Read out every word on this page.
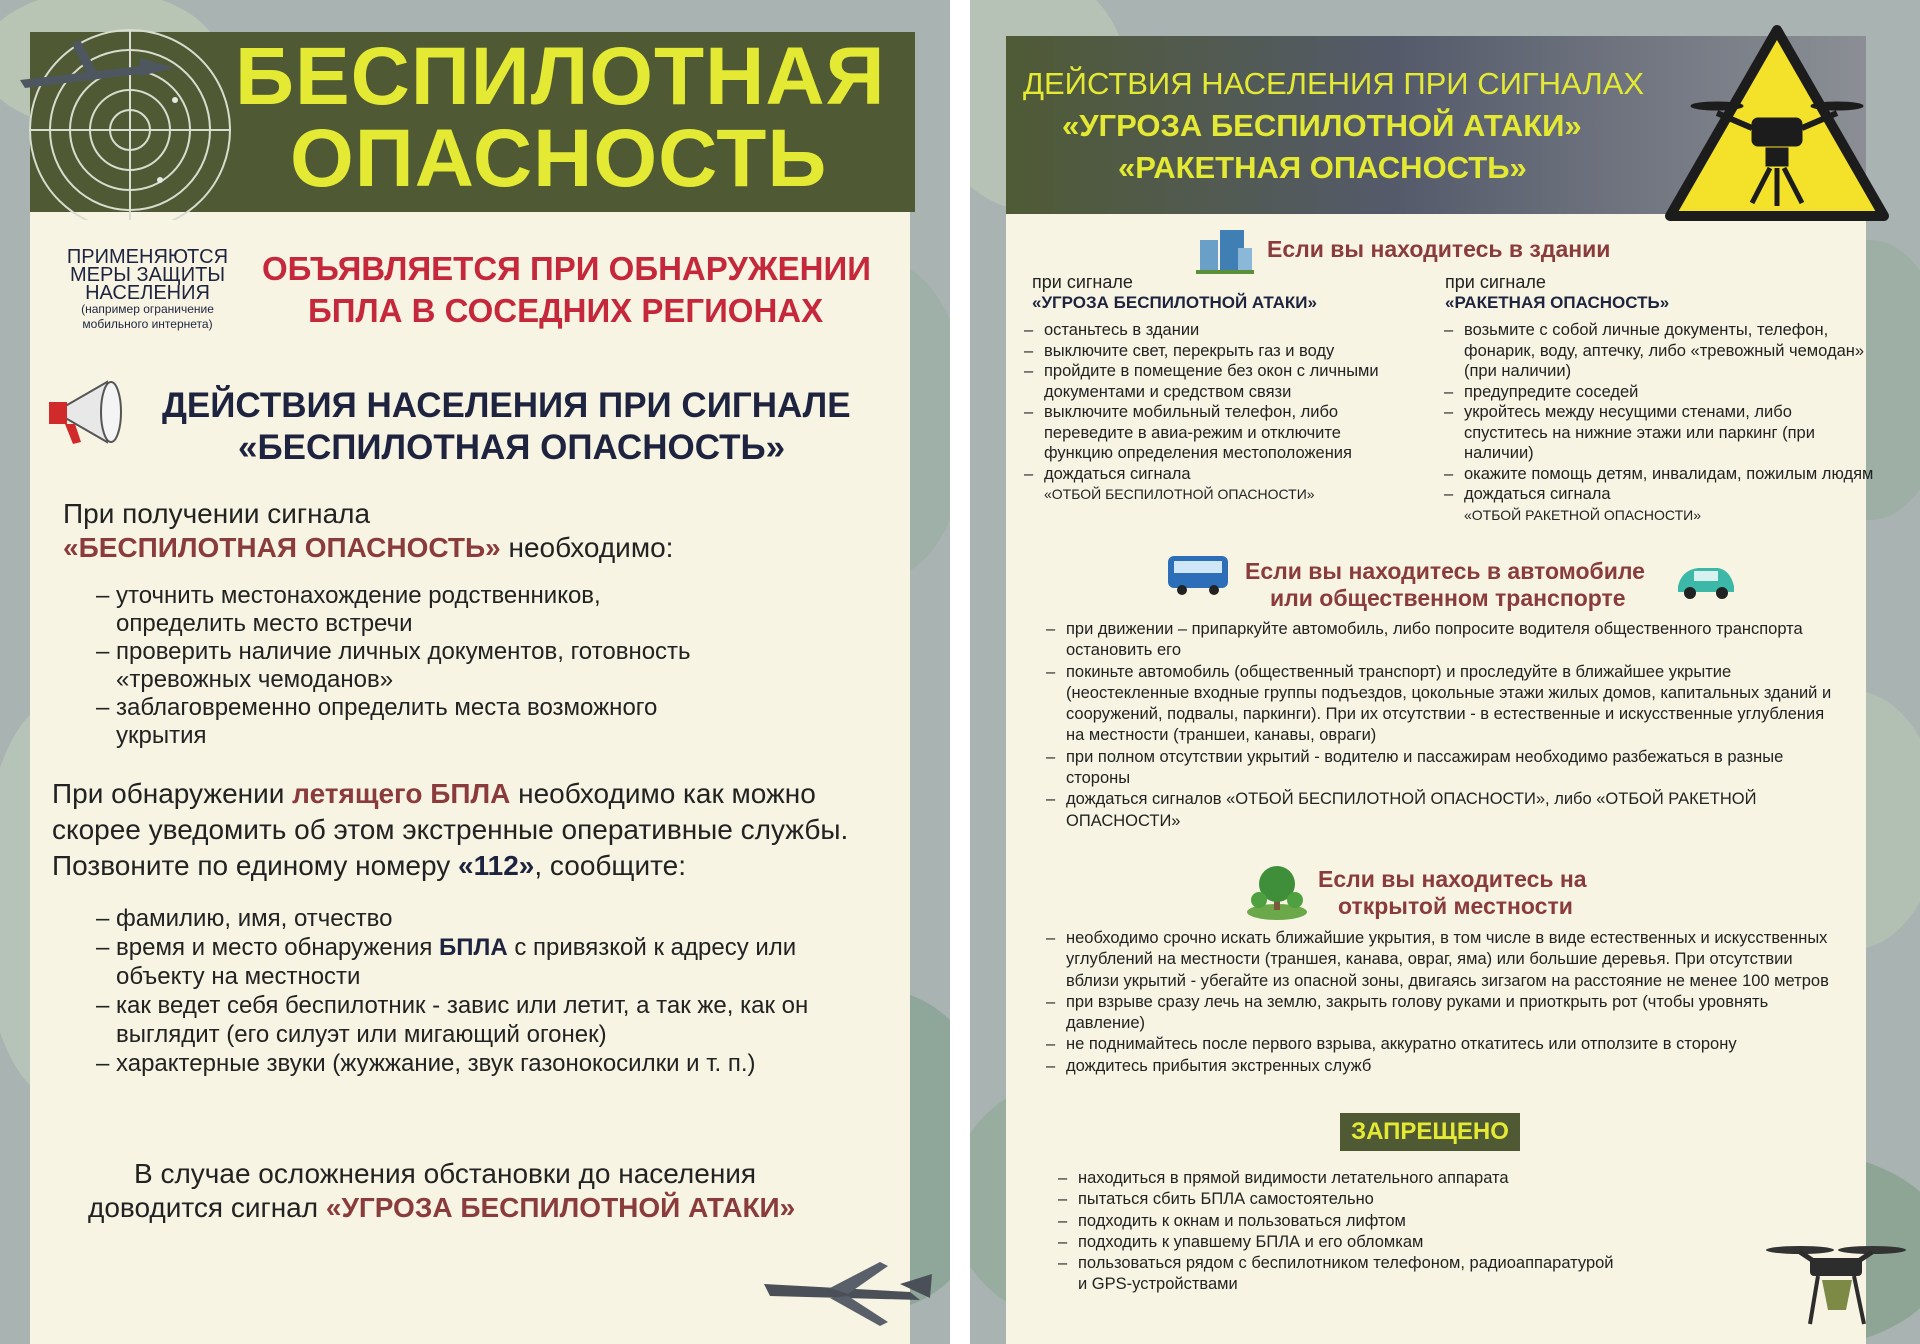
БЕСПИЛОТНАЯ
ОПАСНОСТЬ
ПРИМЕНЯЮТСЯ
МЕРЫ ЗАЩИТЫ
НАСЕЛЕНИЯ
(например ограничение
мобильного интернета)
ОБЪЯВЛЯЕТСЯ ПРИ ОБНАРУЖЕНИИ
БПЛА В СОСЕДНИХ РЕГИОНАХ
ДЕЙСТВИЯ НАСЕЛЕНИЯ ПРИ СИГНАЛЕ
«БЕСПИЛОТНАЯ ОПАСНОСТЬ»
При получении сигнала
«БЕСПИЛОТНАЯ ОПАСНОСТЬ» необходимо:
– уточнить местонахождение родственников, определить место встречи
– проверить наличие личных документов, готовность «тревожных чемоданов»
– заблаговременно определить места возможного укрытия
При обнаружении летящего БПЛА необходимо как можно скорее уведомить об этом экстренные оперативные службы. Позвоните по единому номеру «112», сообщите:
– фамилию, имя, отчество
– время и место обнаружения БПЛА с привязкой к адресу или объекту на местности
– как ведет себя беспилотник - завис или летит, а так же, как он выглядит (его силуэт или мигающий огонек)
– характерные звуки (жужжание, звук газонокосилки и т. п.)
В случае осложнения обстановки до населения
доводится сигнал «УГРОЗА БЕСПИЛОТНОЙ АТАКИ»
ДЕЙСТВИЯ НАСЕЛЕНИЯ ПРИ СИГНАЛАХ
«УГРОЗА БЕСПИЛОТНОЙ АТАКИ»
«РАКЕТНАЯ ОПАСНОСТЬ»
Если вы находитесь в здании
при сигнале
«УГРОЗА БЕСПИЛОТНОЙ АТАКИ»
– останьтесь в здании
– выключите свет, перекрыть газ и воду
– пройдите в помещение без окон с личными документами и средством связи
– выключите мобильный телефон, либо переведите в авиа-режим и отключите функцию определения местоположения
– дождаться сигнала
«ОТБОЙ БЕСПИЛОТНОЙ ОПАСНОСТИ»
при сигнале
«РАКЕТНАЯ ОПАСНОСТЬ»
– возьмите с собой личные документы, телефон, фонарик, воду, аптечку, либо «тревожный чемодан» (при наличии)
– предупредите соседей
– укройтесь между несущими стенами, либо спуститесь на нижние этажи или паркинг (при наличии)
– окажите помощь детям, инвалидам, пожилым людям
– дождаться сигнала
«ОТБОЙ РАКЕТНОЙ ОПАСНОСТИ»
Если вы находитесь в автомобиле
или общественном транспорте
– при движении – припаркуйте автомобиль, либо попросите водителя общественного транспорта остановить его
– покиньте автомобиль (общественный транспорт) и проследуйте в ближайшее укрытие (неостекленные входные группы подъездов, цокольные этажи жилых домов, капитальных зданий и сооружений, подвалы, паркинги). При их отсутствии - в естественные и искусственные углубления на местности (траншеи, канавы, овраги)
– при полном отсутствии укрытий - водителю и пассажирам необходимо разбежаться в разные стороны
– дождаться сигналов «ОТБОЙ БЕСПИЛОТНОЙ ОПАСНОСТИ», либо «ОТБОЙ РАКЕТНОЙ ОПАСНОСТИ»
Если вы находитесь на
открытой местности
– необходимо срочно искать ближайшие укрытия, в том числе в виде естественных и искусственных углублений на местности (траншея, канава, овраг, яма) или большие деревья. При отсутствии вблизи укрытий - убегайте из опасной зоны, двигаясь зигзагом на расстояние не менее 100 метров
– при взрыве сразу лечь на землю, закрыть голову руками и приоткрыть рот (чтобы уровнять давление)
– не поднимайтесь после первого взрыва, аккуратно откатитесь или отползите в сторону
– дождитесь прибытия экстренных служб
ЗАПРЕЩЕНО
– находиться в прямой видимости летательного аппарата
– пытаться сбить БПЛА самостоятельно
– подходить к окнам и пользоваться лифтом
– подходить к упавшему БПЛА и его обломкам
– пользоваться рядом с беспилотником телефоном, радиоаппаратурой и GPS-устройствами
